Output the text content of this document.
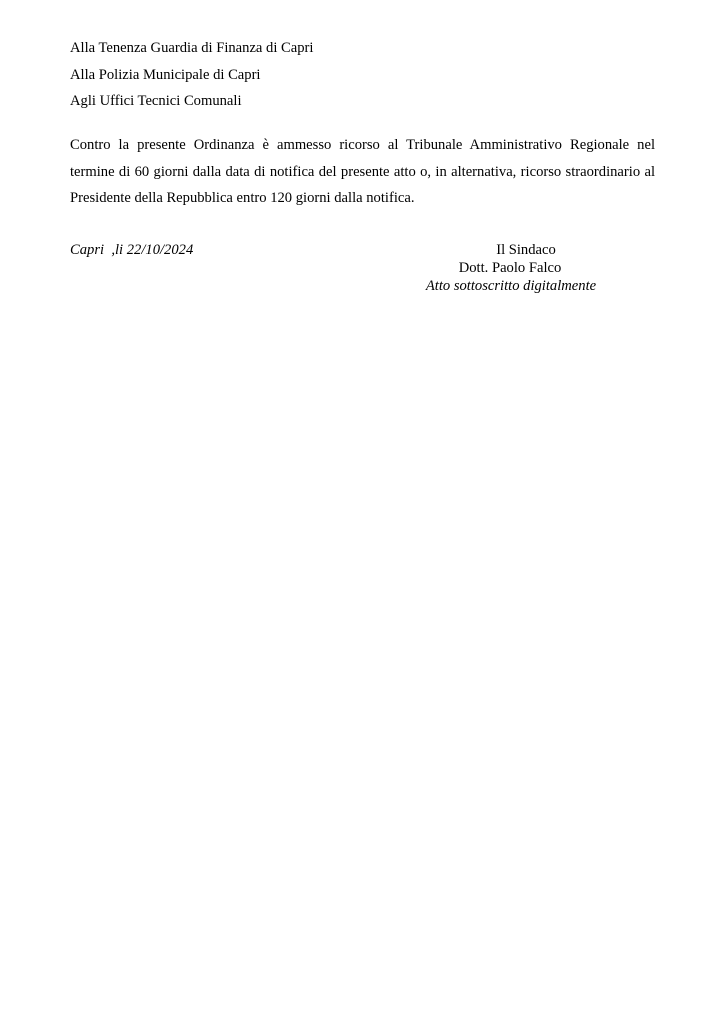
Alla Tenenza Guardia di Finanza di Capri
Alla Polizia Municipale di Capri
Agli Uffici Tecnici Comunali

Contro la presente Ordinanza è ammesso ricorso al Tribunale Amministrativo Regionale nel termine di 60 giorni dalla data di notifica del presente atto o, in alternativa, ricorso straordinario al Presidente della Repubblica entro 120 giorni dalla notifica.

Capri  ,li 22/10/2024	Il Sindaco
Dott. Paolo Falco
Atto sottoscritto digitalmente
